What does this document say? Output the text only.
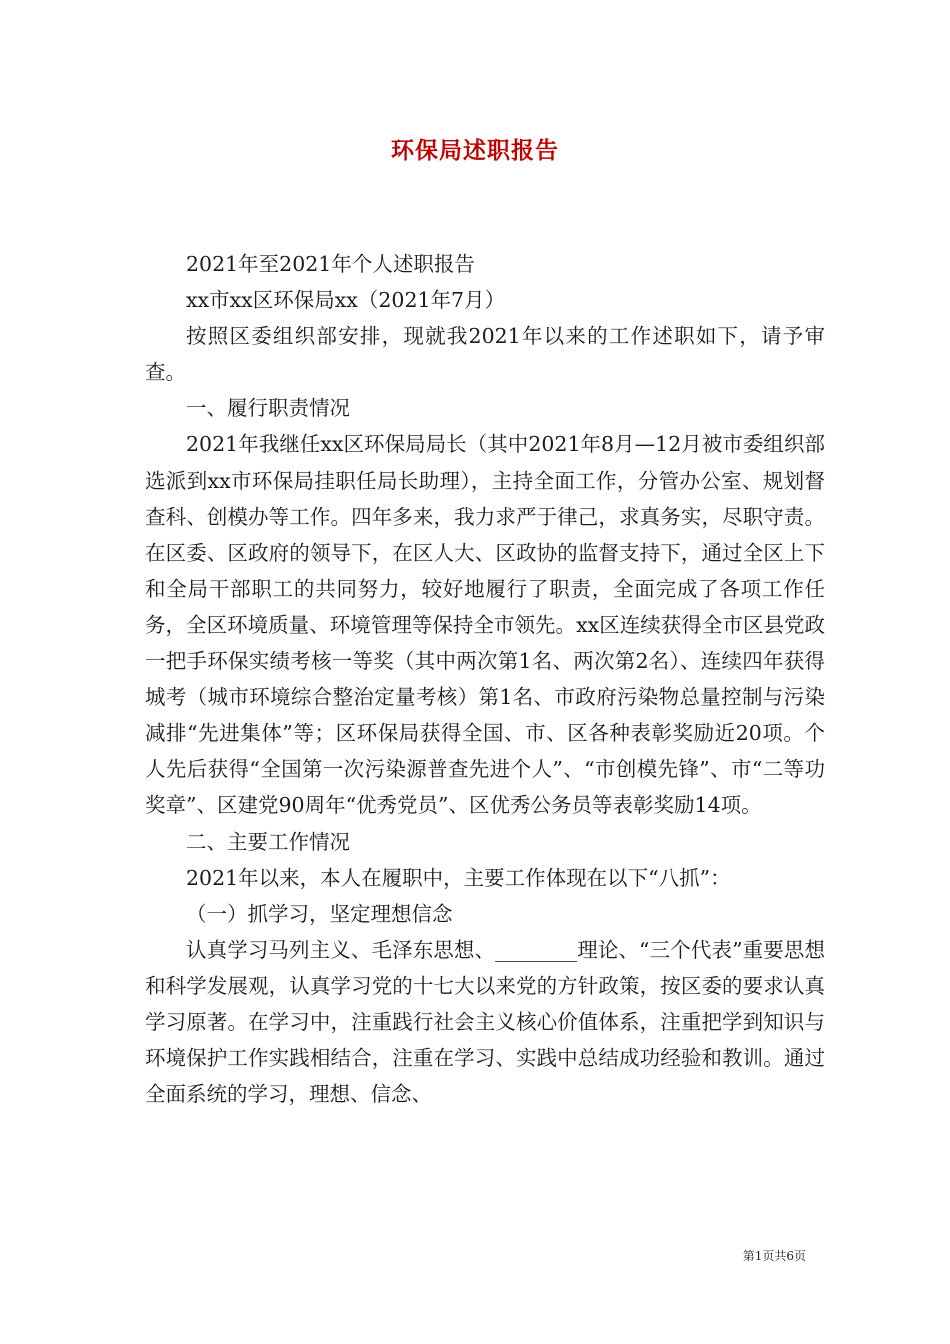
环保局述职报告

2021年至2021年个人述职报告

xx市xx区环保局xx（2021年7月）

按照区委组织部安排，现就我2021年以来的工作述职如下，请予审查。

一、履行职责情况

2021年我继任xx区环保局局长（其中2021年8月—12月被市委组织部选派到xx市环保局挂职任局长助理），主持全面工作，分管办公室、规划督查科、创模办等工作。四年多来，我力求严于律己，求真务实，尽职守责。在区委、区政府的领导下，在区人大、区政协的监督支持下，通过全区上下和全局干部职工的共同努力，较好地履行了职责，全面完成了各项工作任务，全区环境质量、环境管理等保持全市领先。xx区连续获得全市区县党政一把手环保实绩考核一等奖（其中两次第1名、两次第2名）、连续四年获得城考（城市环境综合整治定量考核）第1名、市政府污染物总量控制与污染减排“先进集体”等；区环保局获得全国、市、区各种表彰奖励近20项。个人先后获得“全国第一次污染源普查先进个人”、“市创模先锋”、市“二等功奖章”、区建党90周年“优秀党员”、区优秀公务员等表彰奖励14项。

二、主要工作情况

2021年以来，本人在履职中，主要工作体现在以下“八抓”：

（一）抓学习，坚定理想信念

认真学习马列主义、毛泽东思想、________理论、“三个代表”重要思想和科学发展观，认真学习党的十七大以来党的方针政策，按区委的要求认真学习原著。在学习中，注重践行社会主义核心价值体系，注重把学到知识与环境保护工作实践相结合，注重在学习、实践中总结成功经验和教训。通过全面系统的学习，理想、信念、

第1页共6页
